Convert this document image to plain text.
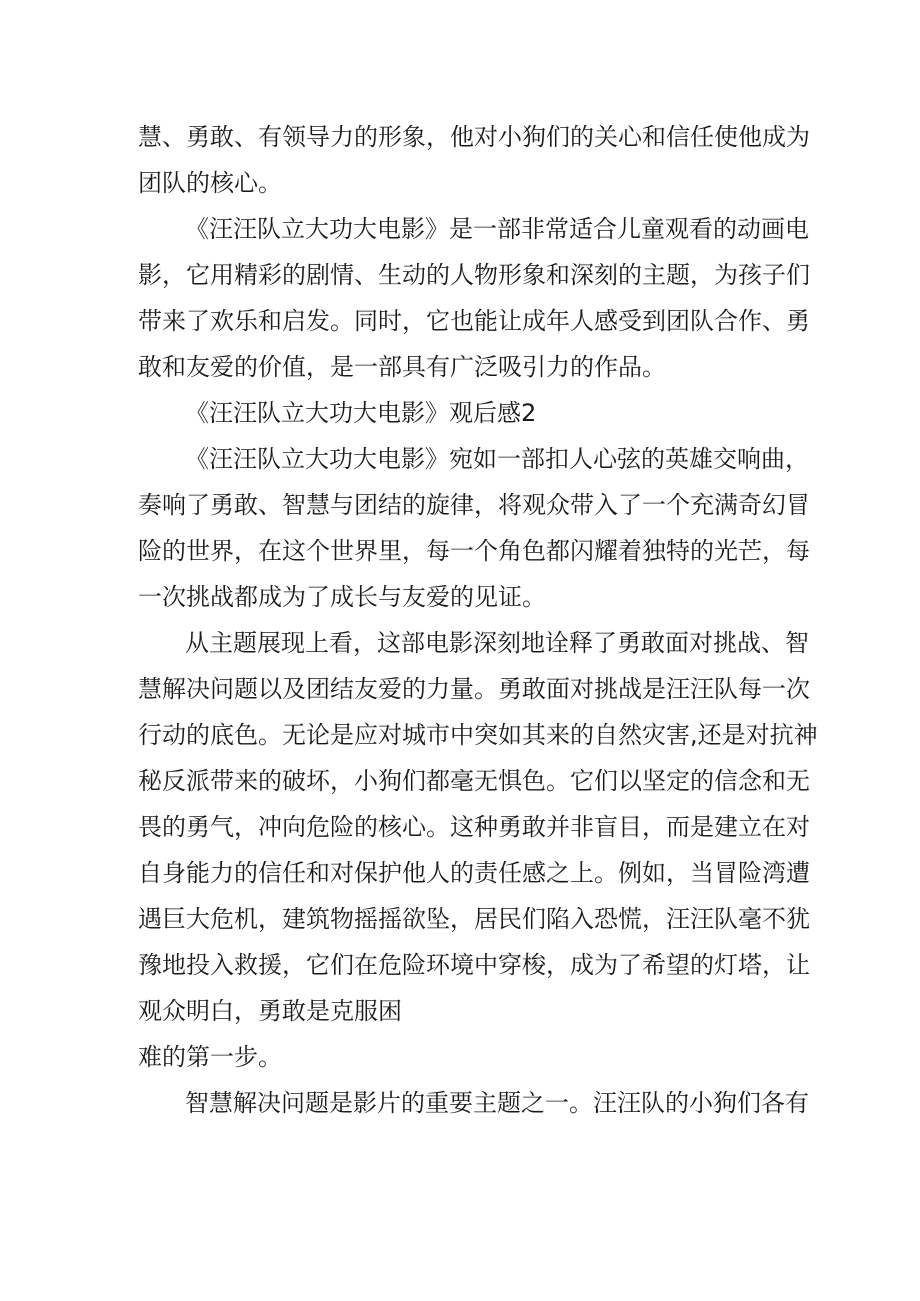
慧、勇敢、有领导力的形象，他对小狗们的关心和信任使他成为

团队的核心。

《汪汪队立大功大电影》是一部非常适合儿童观看的动画电

影，它用精彩的剧情、生动的人物形象和深刻的主题，为孩子们

带来了欢乐和启发。同时，它也能让成年人感受到团队合作、勇

敢和友爱的价值，是一部具有广泛吸引力的作品。

《汪汪队立大功大电影》观后感2

《汪汪队立大功大电影》宛如一部扣人心弦的英雄交响曲，

奏响了勇敢、智慧与团结的旋律，将观众带入了一个充满奇幻冒

险的世界，在这个世界里，每一个角色都闪耀着独特的光芒，每

一次挑战都成为了成长与友爱的见证。

从主题展现上看，这部电影深刻地诠释了勇敢面对挑战、智

慧解决问题以及团结友爱的力量。勇敢面对挑战是汪汪队每一次

行动的底色。无论是应对城市中突如其来的自然灾害,还是对抗神

秘反派带来的破坏，小狗们都毫无惧色。它们以坚定的信念和无

畏的勇气，冲向危险的核心。这种勇敢并非盲目，而是建立在对

自身能力的信任和对保护他人的责任感之上。例如，当冒险湾遭

遇巨大危机，建筑物摇摇欲坠，居民们陷入恐慌，汪汪队毫不犹

豫地投入救援，它们在危险环境中穿梭，成为了希望的灯塔，让

观众明白，勇敢是克服困

难的第一步。

智慧解决问题是影片的重要主题之一。汪汪队的小狗们各有
